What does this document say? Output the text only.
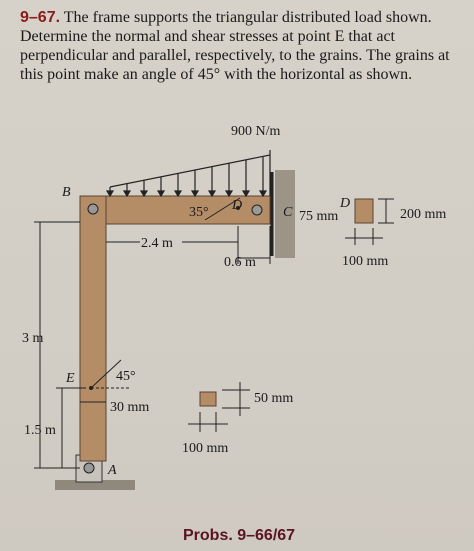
9–67. The frame supports the triangular distributed load shown. Determine the normal and shear stresses at point E that act perpendicular and parallel, respectively, to the grains. The grains at this point make an angle of 45° with the horizontal as shown.
900 N/m
B
35° D	C
2.4 m
0.6 m
3 m
E	45°
30 mm
1.5 m
A
50 mm
100 mm
D
75 mm	200 mm
100 mm
Probs. 9–66/67
